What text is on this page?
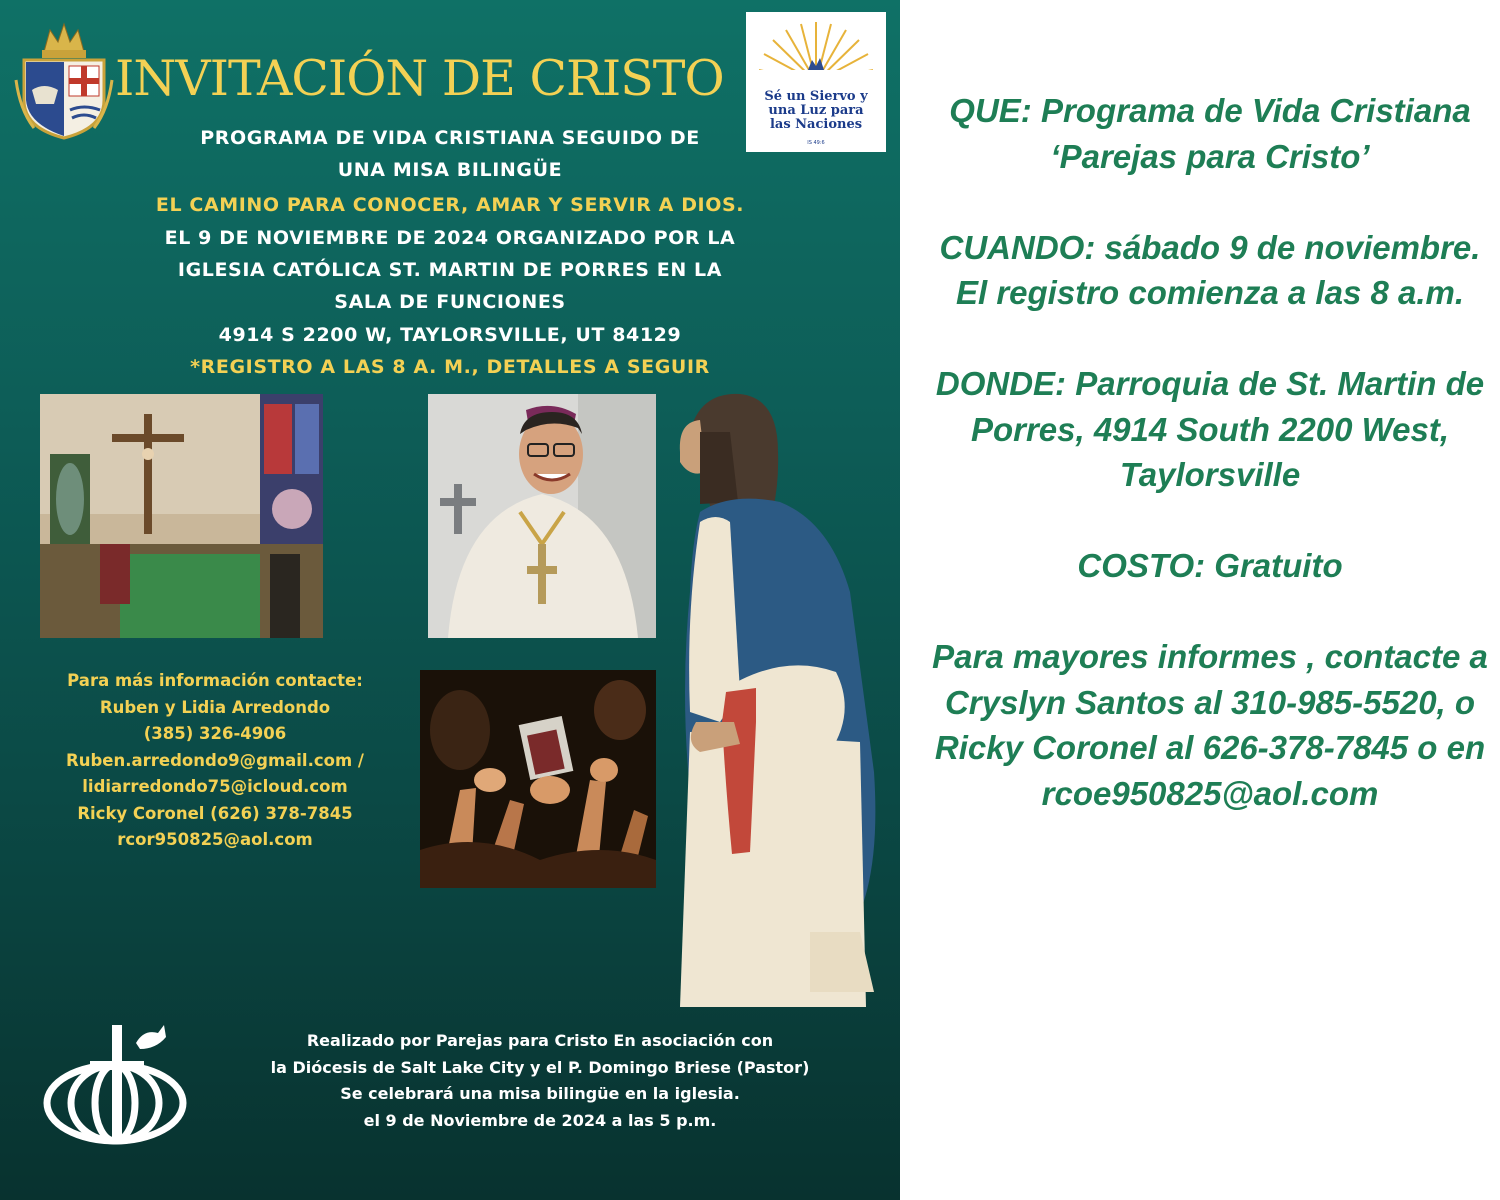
INVITACIÓN DE CRISTO	Sé un Siervo y
una Luz para
las Naciones
IS 49:6

PROGRAMA DE VIDA CRISTIANA SEGUIDO DE

UNA MISA BILINGÜE

EL CAMINO PARA CONOCER, AMAR Y SERVIR A DIOS.

EL 9 DE NOVIEMBRE DE 2024 ORGANIZADO POR LA

IGLESIA CATÓLICA ST. MARTIN DE PORRES EN LA

SALA DE FUNCIONES

4914 S 2200 W, TAYLORSVILLE, UT 84129

*REGISTRO A LAS 8 A. M., DETALLES A SEGUIR

Para más información contacte:
Ruben y Lidia Arredondo
(385) 326-4906
Ruben.arredondo9@gmail.com /
lidiarredondo75@icloud.com
Ricky Coronel (626) 378-7845
rcor950825@aol.com
Realizado por Parejas para Cristo En asociación con
la Diócesis de Salt Lake City y el P. Domingo Briese (Pastor)
Se celebrará una misa bilingüe en la iglesia.
el 9 de Noviembre de 2024 a las 5 p.m.

QUE: Programa de Vida Cristiana ‘Parejas para Cristo’

CUANDO: sábado 9 de noviembre. El registro comienza a las 8 a.m.

DONDE: Parroquia de St. Martin de Porres, 4914 South 2200 West, Taylorsville

COSTO: Gratuito

Para mayores informes , contacte a Cryslyn Santos al 310-985-5520, o Ricky Coronel al 626-378-7845 o en rcoe950825@aol.com
